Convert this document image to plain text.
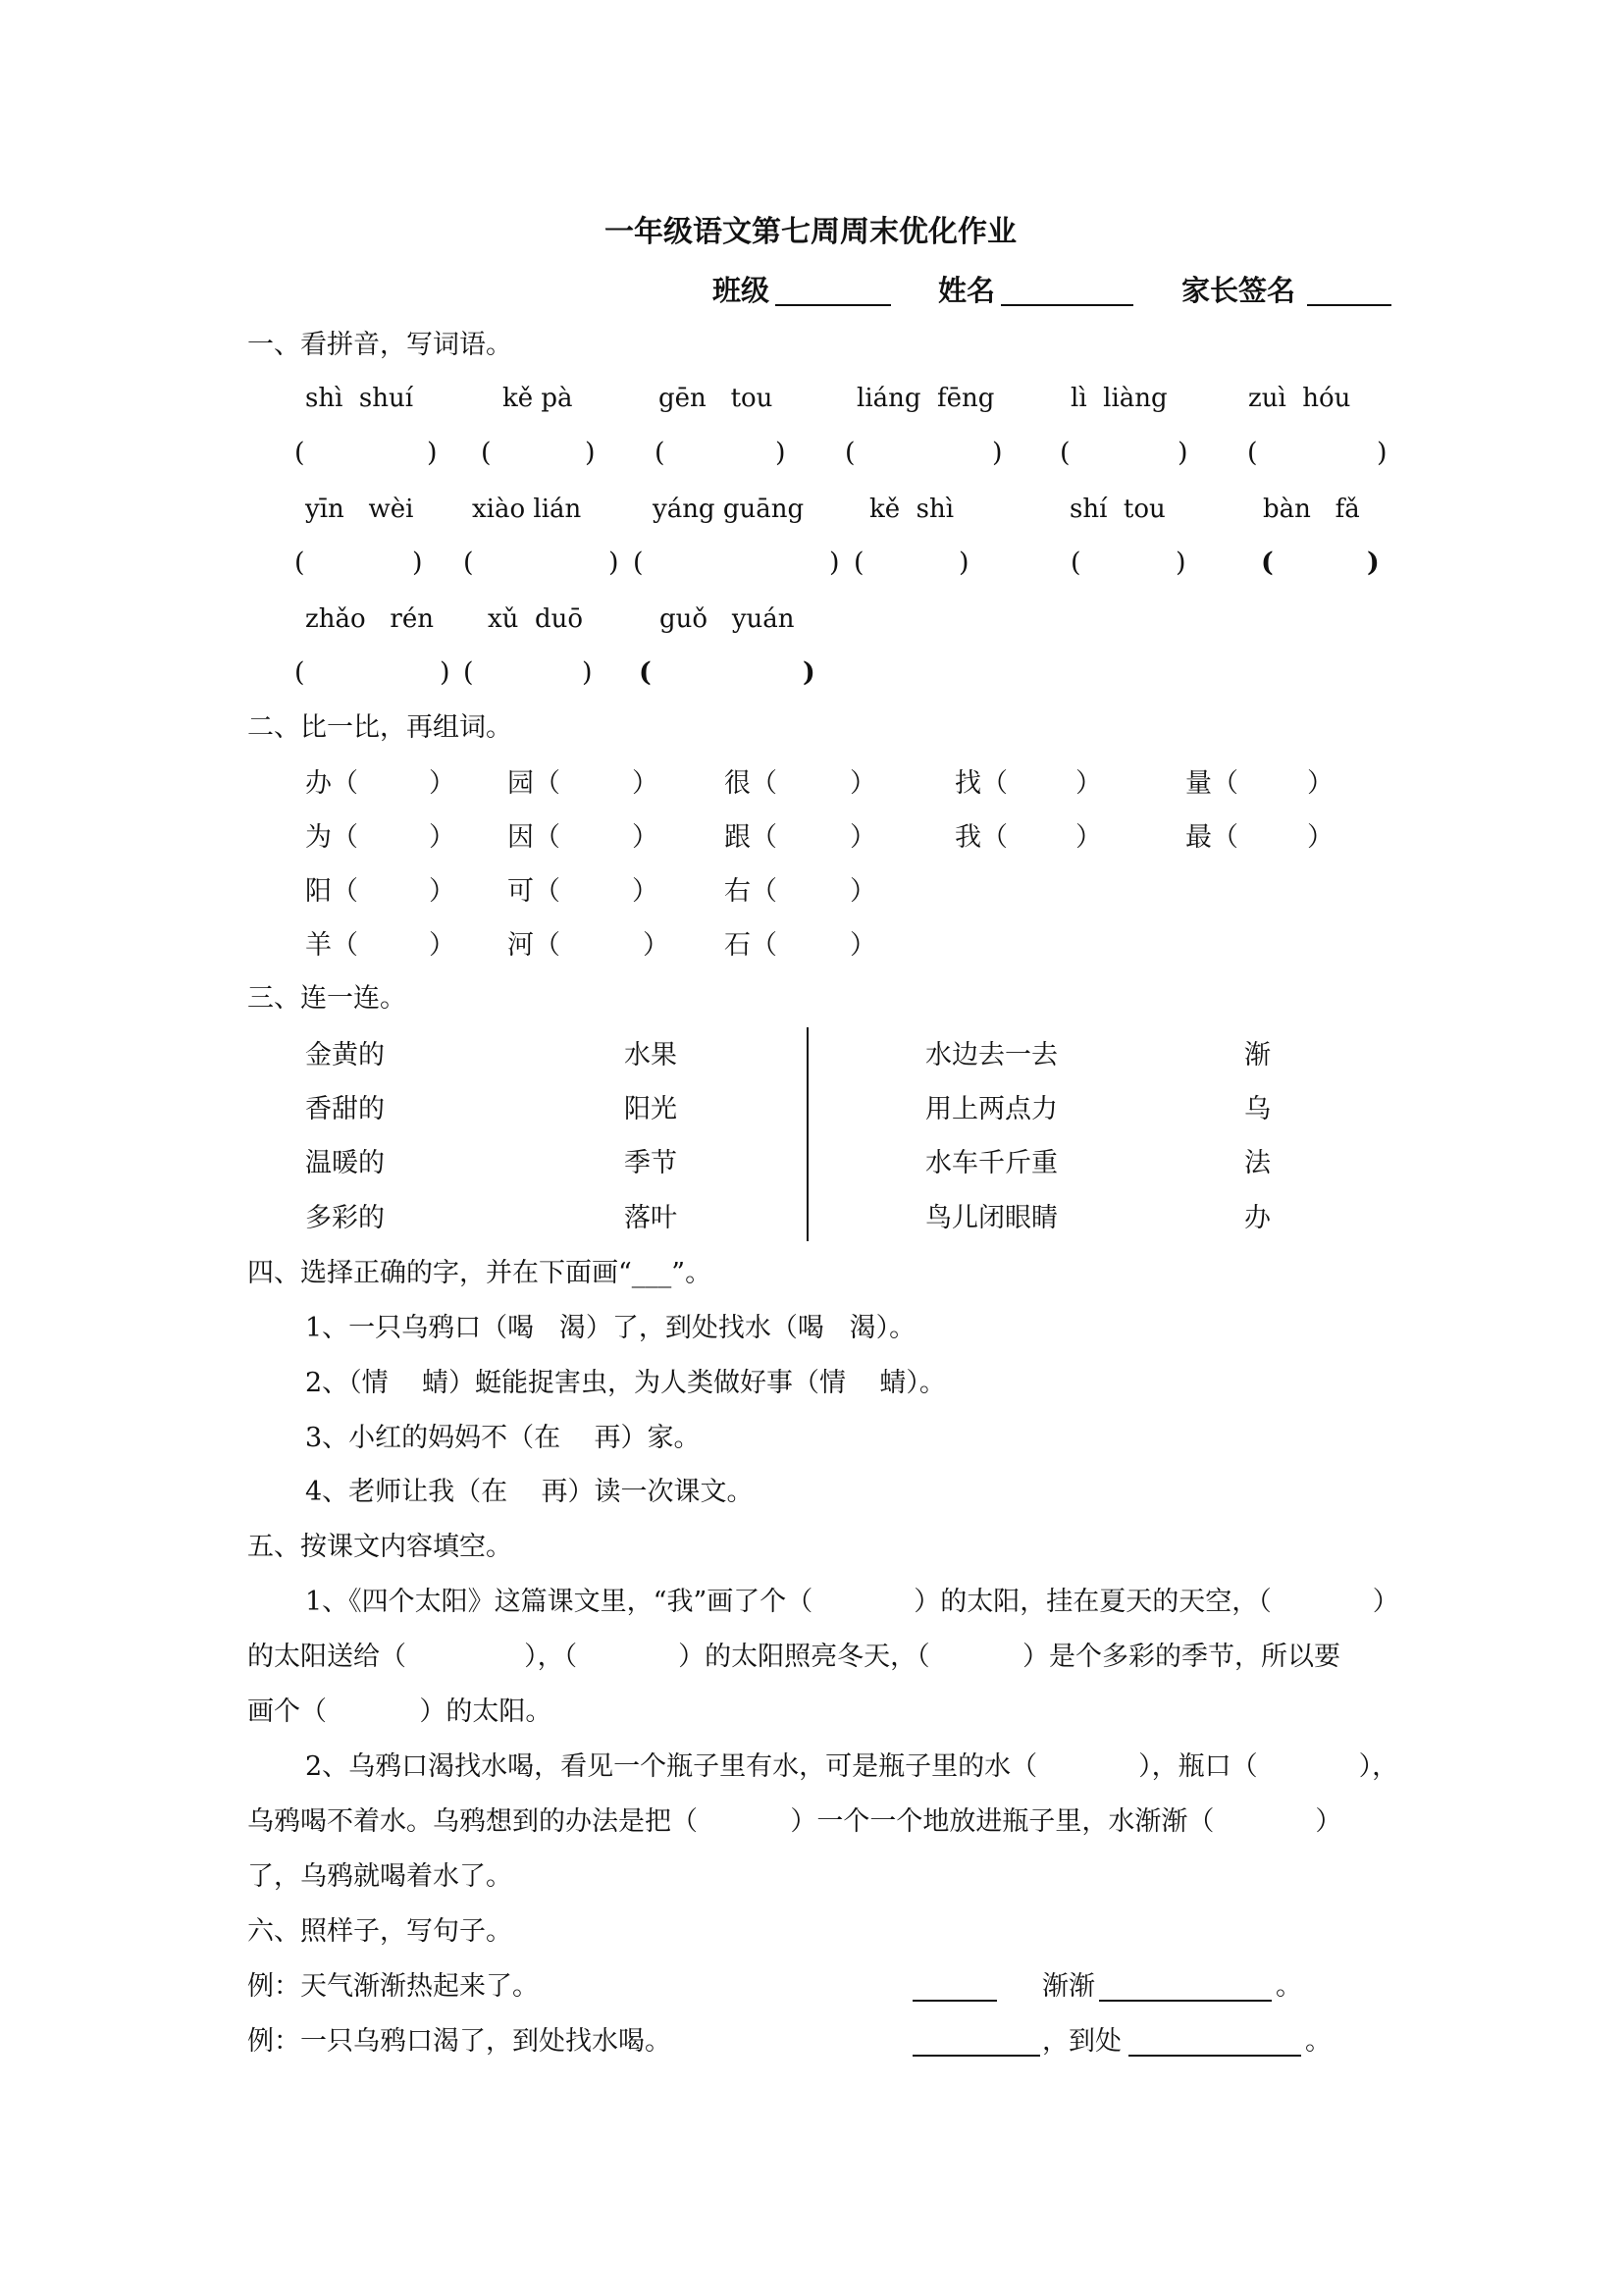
一年级语文第七周周末优化作业
班级	姓名	家长签名
一、看拼音，写词语。
shì  shuí	kě pà	gēn   tou	liáng  fēng	lì  liàng	zuì  hóu
(	) (	) (	) (	) (	) (	)
yīn   wèi xiào lián	yáng guāng	kě  shì	shí  tou	bàn   fǎ
(	) (	) (	) (	)	(	)	(	)
zhǎo   rén xǔ  duō	guǒ   yuán
(	) (	) (	)
二、比一比，再组词。
办（	） 园（	） 很（	）	找（	）	量（	）
为（	） 因（	） 跟（	）	我（	）	最（	）
阳（	） 可（	） 右（	）
羊（	） 河（	） 石（	）
三、连一连。
金黄的	水果	水边去一去	渐
香甜的	阳光	用上两点力	乌
温暖的	季节	水车千斤重	法
多彩的	落叶	鸟儿闭眼睛	办
四、选择正确的字，并在下面画“___”。
1、一只乌鸦口（喝   渴）了，到处找水（喝   渴）。
2、（情    蜻）蜓能捉害虫，为人类做好事（情    蜻）。
3、小红的妈妈不（在    再）家。
4、老师让我（在    再）读一次课文。
五、按课文内容填空。
1、《四个太阳》这篇课文里，“我”画了个（            ）的太阳，挂在夏天的天空，（            ）
的太阳送给（              ），（            ）的太阳照亮冬天，（           ）是个多彩的季节，所以要
画个（           ）的太阳。
2、乌鸦口渴找水喝，看见一个瓶子里有水，可是瓶子里的水（            ），瓶口（            ），
乌鸦喝不着水。乌鸦想到的办法是把（           ）一个一个地放进瓶子里，水渐渐（            ）
了，乌鸦就喝着水了。
六、照样子，写句子。
例：天气渐渐热起来了。	渐渐	。
例：一只乌鸦口渴了，到处找水喝。	，到处	。
